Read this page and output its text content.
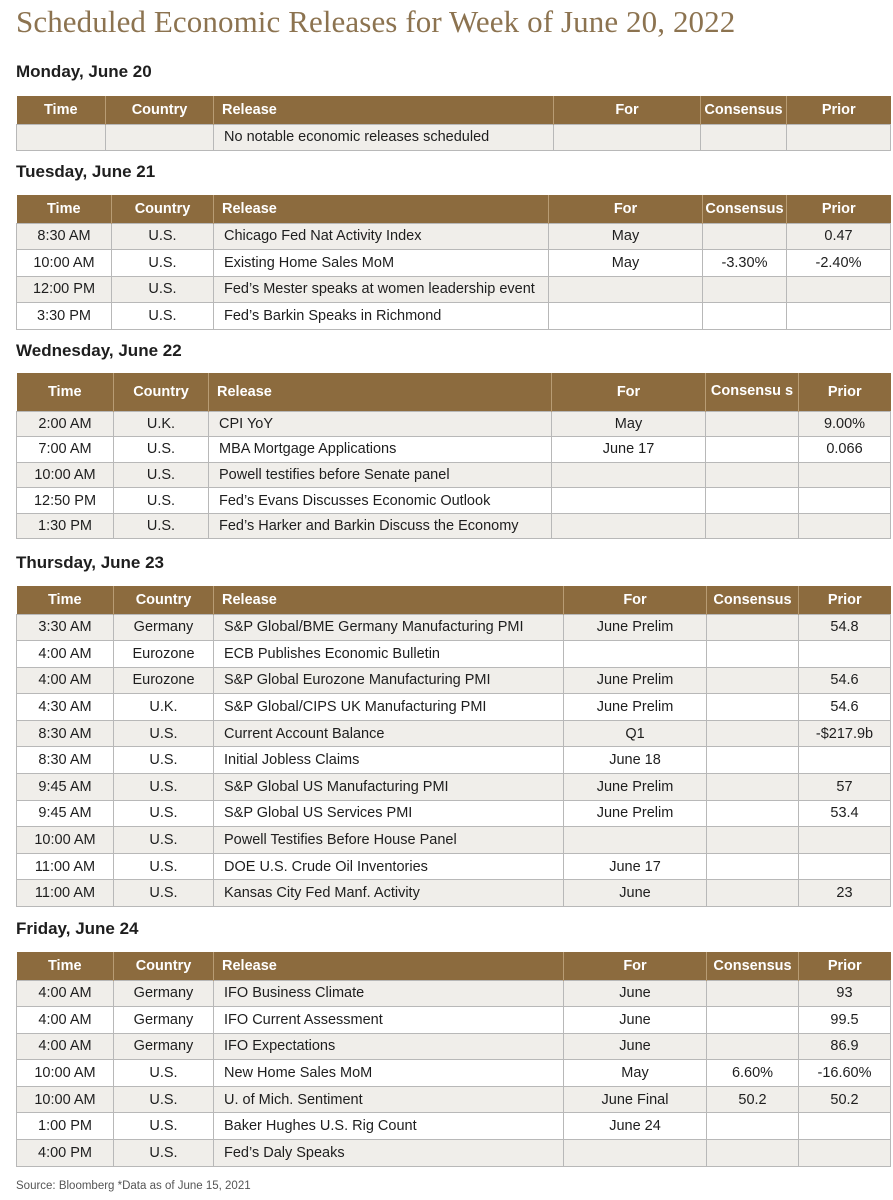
Scheduled Economic Releases for Week of June 20, 2022
Monday, June 20
Time	Country	Release	For	Consensus	Prior
		No notable economic releases scheduled			
Tuesday, June 21
Time	Country	Release	For	Consensus	Prior
8:30 AM	U.S.	Chicago Fed Nat Activity Index	May		0.47
10:00 AM	U.S.	Existing Home Sales MoM	May	-3.30%	-2.40%
12:00 PM	U.S.	Fed’s Mester speaks at women leadership event			
3:30 PM	U.S.	Fed’s Barkin Speaks in Richmond			
Wednesday, June 22
Time	Country	Release	For	Consensu s	Prior
2:00 AM	U.K.	CPI YoY	May		9.00%
7:00 AM	U.S.	MBA Mortgage Applications	June 17		0.066
10:00 AM	U.S.	Powell testifies before Senate panel			
12:50 PM	U.S.	Fed’s Evans Discusses Economic Outlook			
1:30 PM	U.S.	Fed’s Harker and Barkin Discuss the Economy			
Thursday, June 23
Time	Country	Release	For	Consensus	Prior
3:30 AM	Germany	S&P Global/BME Germany Manufacturing PMI	June Prelim		54.8
4:00 AM	Eurozone	ECB Publishes Economic Bulletin			
4:00 AM	Eurozone	S&P Global Eurozone Manufacturing PMI	June Prelim		54.6
4:30 AM	U.K.	S&P Global/CIPS UK Manufacturing PMI	June Prelim		54.6
8:30 AM	U.S.	Current Account Balance	Q1		-$217.9b
8:30 AM	U.S.	Initial Jobless Claims	June 18		
9:45 AM	U.S.	S&P Global US Manufacturing PMI	June Prelim		57
9:45 AM	U.S.	S&P Global US Services PMI	June Prelim		53.4
10:00 AM	U.S.	Powell Testifies Before House Panel			
11:00 AM	U.S.	DOE U.S. Crude Oil Inventories	June 17		
11:00 AM	U.S.	Kansas City Fed Manf. Activity	June		23
Friday, June 24
Time	Country	Release	For	Consensus	Prior
4:00 AM	Germany	IFO Business Climate	June		93
4:00 AM	Germany	IFO Current Assessment	June		99.5
4:00 AM	Germany	IFO Expectations	June		86.9
10:00 AM	U.S.	New Home Sales MoM	May	6.60%	-16.60%
10:00 AM	U.S.	U. of Mich. Sentiment	June Final	50.2	50.2
1:00 PM	U.S.	Baker Hughes U.S. Rig Count	June 24		
4:00 PM	U.S.	Fed’s Daly Speaks			
Source: Bloomberg *Data as of June 15, 2021
